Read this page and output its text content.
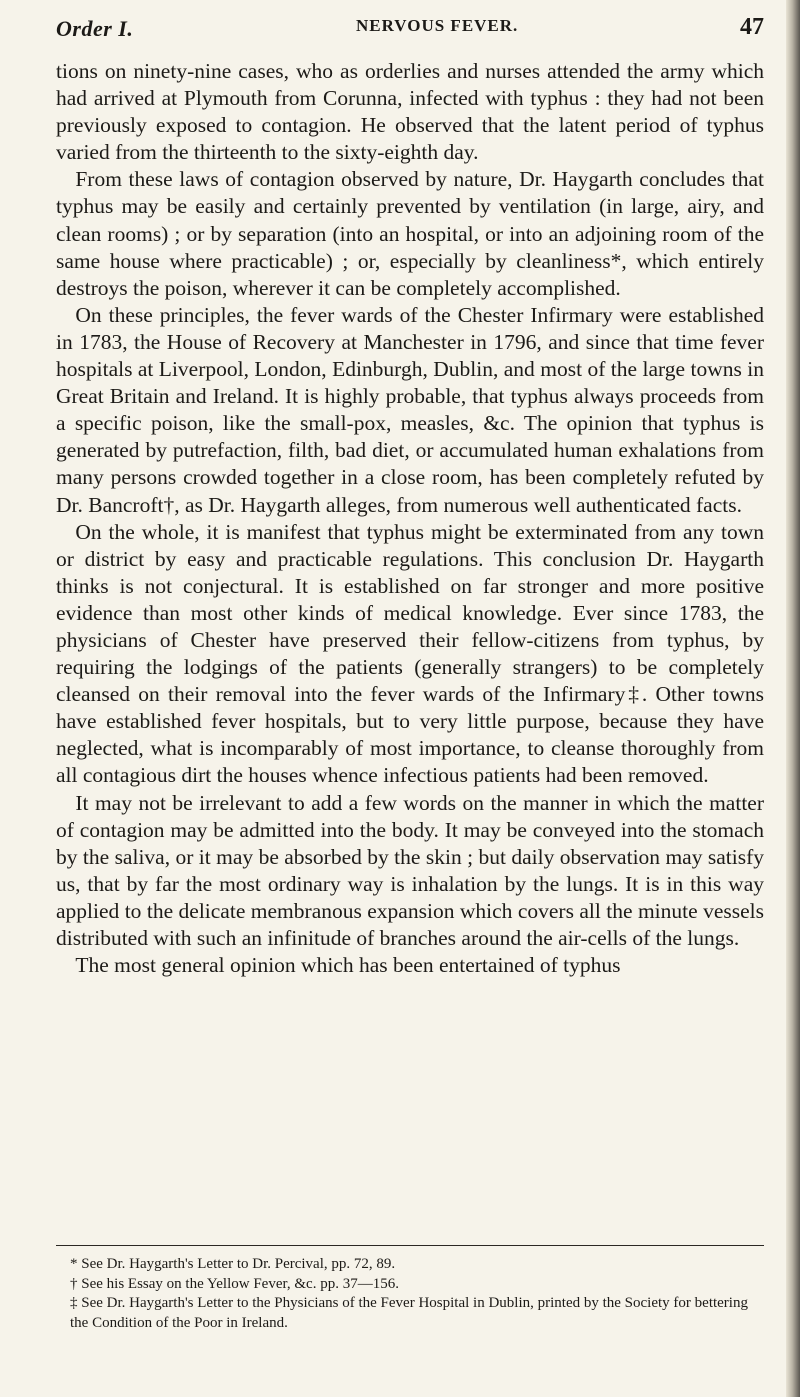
Order I.	NERVOUS FEVER.	47

tions on ninety-nine cases, who as orderlies and nurses attended the army which had arrived at Plymouth from Corunna, infected with typhus : they had not been previously exposed to contagion. He observed that the latent period of typhus varied from the thirteenth to the sixty-eighth day.

From these laws of contagion observed by nature, Dr. Haygarth concludes that typhus may be easily and certainly prevented by ventilation (in large, airy, and clean rooms) ; or by separation (into an hospital, or into an adjoining room of the same house where practicable) ; or, especially by cleanliness*, which entirely destroys the poison, wherever it can be completely accomplished.

On these principles, the fever wards of the Chester Infirmary were established in 1783, the House of Recovery at Manchester in 1796, and since that time fever hospitals at Liverpool, London, Edinburgh, Dublin, and most of the large towns in Great Britain and Ireland. It is highly probable, that typhus always proceeds from a specific poison, like the small-pox, measles, &c. The opinion that typhus is generated by putrefaction, filth, bad diet, or accumulated human exhalations from many persons crowded together in a close room, has been completely refuted by Dr. Bancroft†, as Dr. Haygarth alleges, from numerous well authenticated facts.

On the whole, it is manifest that typhus might be exterminated from any town or district by easy and practicable regulations. This conclusion Dr. Haygarth thinks is not conjectural. It is established on far stronger and more positive evidence than most other kinds of medical knowledge. Ever since 1783, the physicians of Chester have preserved their fellow-citizens from typhus, by requiring the lodgings of the patients (generally strangers) to be completely cleansed on their removal into the fever wards of the Infirmary‡. Other towns have established fever hospitals, but to very little purpose, because they have neglected, what is incomparably of most importance, to cleanse thoroughly from all contagious dirt the houses whence infectious patients had been removed.

It may not be irrelevant to add a few words on the manner in which the matter of contagion may be admitted into the body. It may be conveyed into the stomach by the saliva, or it may be absorbed by the skin ; but daily observation may satisfy us, that by far the most ordinary way is inhalation by the lungs. It is in this way applied to the delicate membranous expansion which covers all the minute vessels distributed with such an infinitude of branches around the air-cells of the lungs.

The most general opinion which has been entertained of typhus

* See Dr. Haygarth's Letter to Dr. Percival, pp. 72, 89.

† See his Essay on the Yellow Fever, &c. pp. 37—156.

‡ See Dr. Haygarth's Letter to the Physicians of the Fever Hospital in Dublin, printed by the Society for bettering the Condition of the Poor in Ireland.
